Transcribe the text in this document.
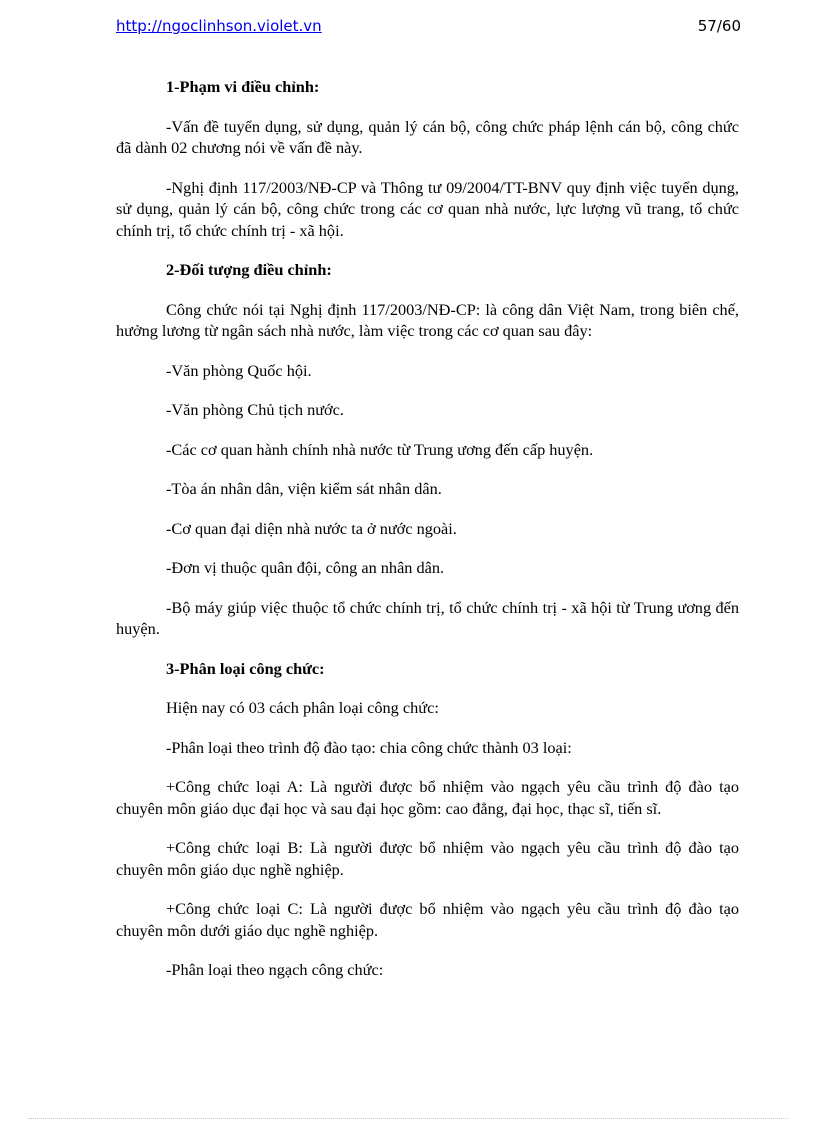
http://ngoclinhson.violet.vn	57/60

1-Phạm vi điều chỉnh:

-Vấn đề tuyển dụng, sử dụng, quản lý cán bộ, công chức pháp lệnh cán bộ, công chức đã dành 02 chương nói về vấn đề này.

-Nghị định 117/2003/NĐ-CP và Thông tư 09/2004/TT-BNV quy định việc tuyển dụng, sử dụng, quản lý cán bộ, công chức trong các cơ quan nhà nước, lực lượng vũ trang, tổ chức chính trị, tổ chức chính trị - xã hội.

2-Đối tượng điều chỉnh:

Công chức nói tại Nghị định 117/2003/NĐ-CP: là công dân Việt Nam, trong biên chế, hưởng lương từ ngân sách nhà nước, làm việc trong các cơ quan sau đây:

-Văn phòng Quốc hội.

-Văn phòng Chủ tịch nước.

-Các cơ quan hành chính nhà nước từ Trung ương đến cấp huyện.

-Tòa án nhân dân, viện kiểm sát nhân dân.

-Cơ quan đại diện nhà nước ta ở nước ngoài.

-Đơn vị thuộc quân đội, công an nhân dân.

-Bộ máy giúp việc thuộc tổ chức chính trị, tổ chức chính trị - xã hội từ Trung ương đến huyện.

3-Phân loại công chức:

Hiện nay có 03 cách phân loại công chức:

-Phân loại theo trình độ đào tạo: chia công chức thành 03 loại:

+Công chức loại A: Là người được bổ nhiệm vào ngạch yêu cầu trình độ đào tạo chuyên môn giáo dục đại học và sau đại học gồm: cao đẳng, đại học, thạc sĩ, tiến sĩ.

+Công chức loại B: Là người được bổ nhiệm vào ngạch yêu cầu trình độ đào tạo chuyên môn giáo dục nghề nghiệp.

+Công chức loại C: Là người được bổ nhiệm vào ngạch yêu cầu trình độ đào tạo chuyên môn dưới giáo dục nghề nghiệp.

-Phân loại theo ngạch công chức:
